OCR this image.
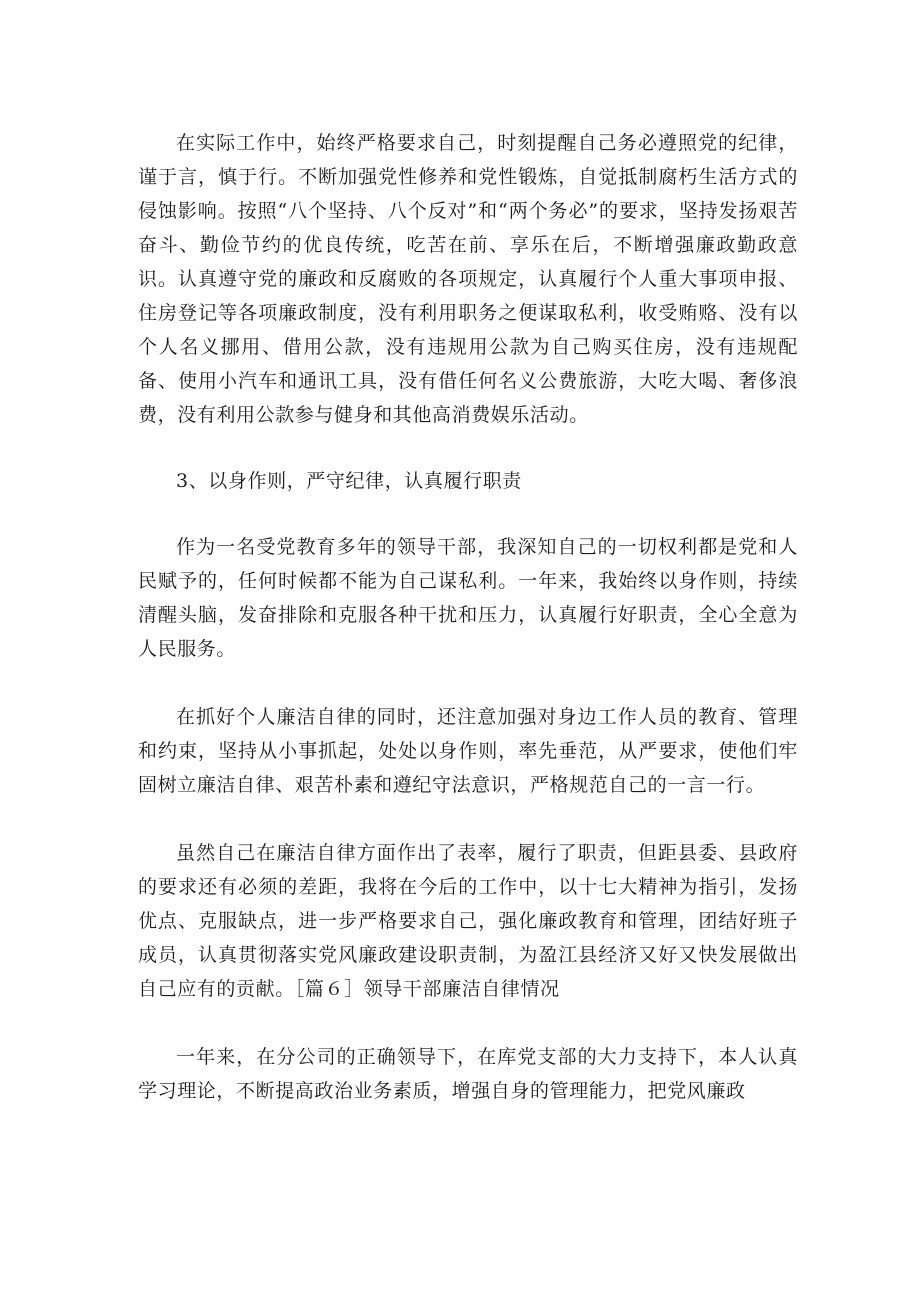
在实际工作中，始终严格要求自己，时刻提醒自己务必遵照党的纪律，谨于言，慎于行。不断加强党性修养和党性锻炼，自觉抵制腐朽生活方式的侵蚀影响。按照“八个坚持、八个反对”和“两个务必”的要求，坚持发扬艰苦奋斗、勤俭节约的优良传统，吃苦在前、享乐在后，不断增强廉政勤政意识。认真遵守党的廉政和反腐败的各项规定，认真履行个人重大事项申报、住房登记等各项廉政制度，没有利用职务之便谋取私利，收受贿赂、没有以个人名义挪用、借用公款，没有违规用公款为自己购买住房，没有违规配备、使用小汽车和通讯工具，没有借任何名义公费旅游，大吃大喝、奢侈浪费，没有利用公款参与健身和其他高消费娱乐活动。

3、以身作则，严守纪律，认真履行职责

作为一名受党教育多年的领导干部，我深知自己的一切权利都是党和人民赋予的，任何时候都不能为自己谋私利。一年来，我始终以身作则，持续清醒头脑，发奋排除和克服各种干扰和压力，认真履行好职责，全心全意为人民服务。

在抓好个人廉洁自律的同时，还注意加强对身边工作人员的教育、管理和约束，坚持从小事抓起，处处以身作则，率先垂范，从严要求，使他们牢固树立廉洁自律、艰苦朴素和遵纪守法意识，严格规范自己的一言一行。

虽然自己在廉洁自律方面作出了表率，履行了职责，但距县委、县政府的要求还有必须的差距，我将在今后的工作中，以十七大精神为指引，发扬优点、克服缺点，进一步严格要求自己，强化廉政教育和管理，团结好班子成员，认真贯彻落实党风廉政建设职责制，为盈江县经济又好又快发展做出自己应有的贡献。［篇６］领导干部廉洁自律情况

一年来，在分公司的正确领导下，在库党支部的大力支持下，本人认真学习理论，不断提高政治业务素质，增强自身的管理能力，把党风廉政
